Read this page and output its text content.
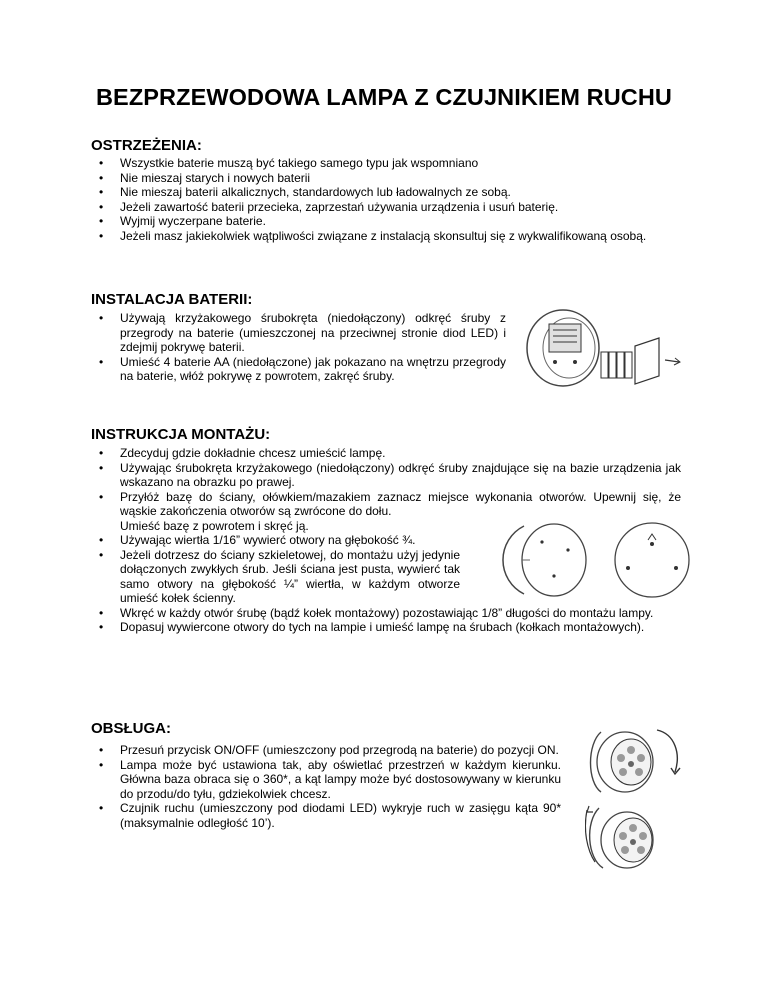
BEZPRZEWODOWA LAMPA Z CZUJNIKIEM RUCHU
OSTRZEŻENIA:
• Wszystkie baterie muszą być takiego samego typu jak wspomniano
• Nie mieszaj starych i nowych baterii
• Nie mieszaj baterii alkalicznych, standardowych lub ładowalnych ze sobą.
• Jeżeli zawartość baterii przecieka, zaprzestań używania urządzenia i usuń baterię.
• Wyjmij wyczerpane baterie.
• Jeżeli masz jakiekolwiek wątpliwości związane z instalacją skonsultuj się z wykwalifikowaną osobą.
INSTALACJA BATERII:
• Używają krzyżakowego śrubokręta (niedołączony) odkręć śruby z przegrody na baterie (umieszczonej na przeciwnej stronie diod LED) i zdejmij pokrywę baterii.
• Umieść 4 baterie AA (niedołączone) jak pokazano na wnętrzu przegrody na baterie, włóż pokrywę z powrotem, zakręć śruby.
INSTRUKCJA MONTAŻU:
• Zdecyduj gdzie dokładnie chcesz umieścić lampę.
• Używając śrubokręta krzyżakowego (niedołączony) odkręć śruby znajdujące się na bazie urządzenia jak wskazano na obrazku po prawej.
• Przyłóż bazę do ściany, ołówkiem/mazakiem zaznacz miejsce wykonania otworów. Upewnij się, że wąskie zakończenia otworów są zwrócone do dołu.
Umieść bazę z powrotem i skręć ją.
• Używając wiertła 1/16” wywierć otwory na głębokość ¾.
• Jeżeli dotrzesz do ściany szkieletowej, do montażu użyj jedynie dołączonych zwykłych śrub. Jeśli ściana jest pusta, wywierć tak samo otwory na głębokość ¼” wiertła, w każdym otworze umieść kołek ścienny.
• Wkręć w każdy otwór śrubę (bądź kołek montażowy) pozostawiając 1/8” długości do montażu lampy.
• Dopasuj wywiercone otwory do tych na lampie i umieść lampę na śrubach (kołkach montażowych).
OBSŁUGA:
• Przesuń przycisk ON/OFF (umieszczony pod przegrodą na baterie) do pozycji ON.
• Lampa może być ustawiona tak, aby oświetlać przestrzeń w każdym kierunku. Główna baza obraca się o 360*, a kąt lampy może być dostosowywany w kierunku do przodu/do tyłu, gdziekolwiek chcesz.
• Czujnik ruchu (umieszczony pod diodami LED) wykryje ruch w zasięgu kąta 90* (maksymalnie odległość 10’).
